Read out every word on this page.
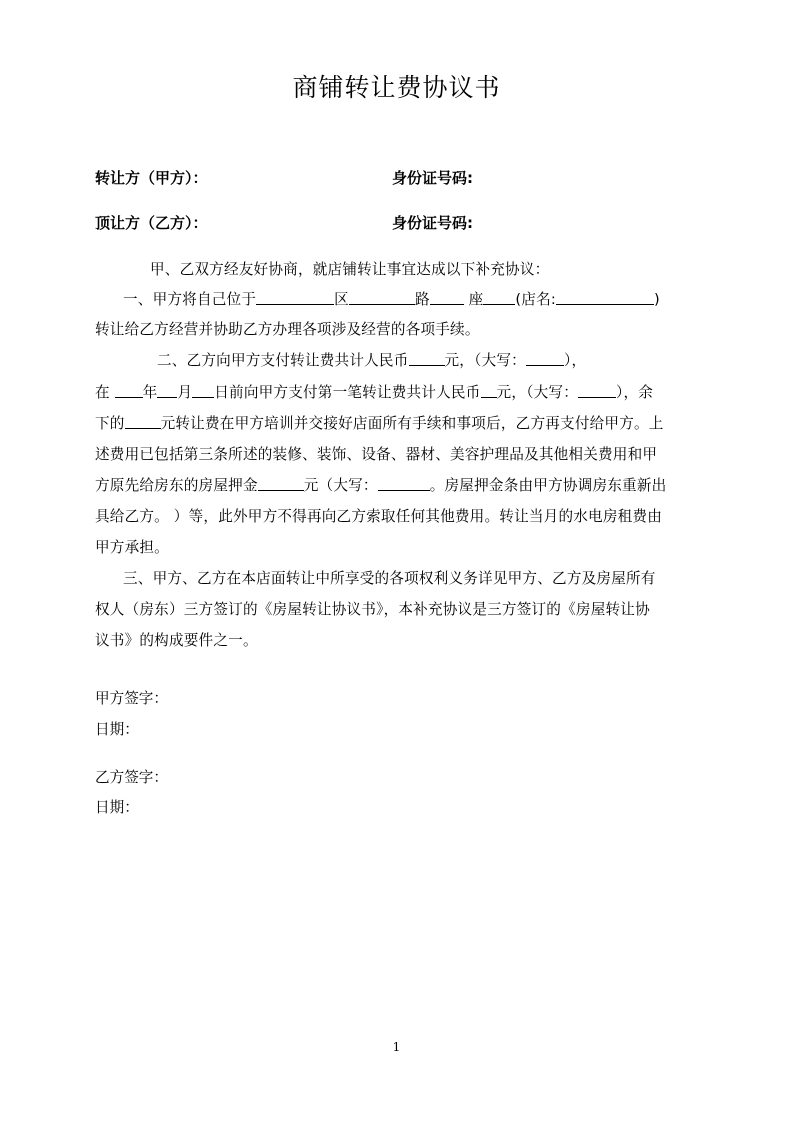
商铺转让费协议书
转让方（甲方）：	身份证号码:
顶让方（乙方）：	身份证号码:
甲、乙双方经友好协商，就店铺转让事宜达成以下补充协议：
一、甲方将自己位于	区	路	座 (店名:	)
转让给乙方经营并协助乙方办理各项涉及经营的各项手续。
二、乙方向甲方支付转让费共计人民币 元，（大写：	），
在 年 月 日前向甲方支付第一笔转让费共计人民币 元，（大写：	），余
下的 元转让费在甲方培训并交接好店面所有手续和事项后，乙方再支付给甲方。上
述费用已包括第三条所述的装修、装饰、设备、器材、美容护理品及其他相关费用和甲
方原先给房东的房屋押金	元（大写：	。房屋押金条由甲方协调房东重新出
具给乙方。 ）等，此外甲方不得再向乙方索取任何其他费用。转让当月的水电房租费由
甲方承担。
三、甲方、乙方在本店面转让中所享受的各项权利义务详见甲方、乙方及房屋所有
权人（房东）三方签订的《房屋转让协议书》，本补充协议是三方签订的《房屋转让协
议书》的构成要件之一。
甲方签字：
日期：
乙方签字：
日期：
1
